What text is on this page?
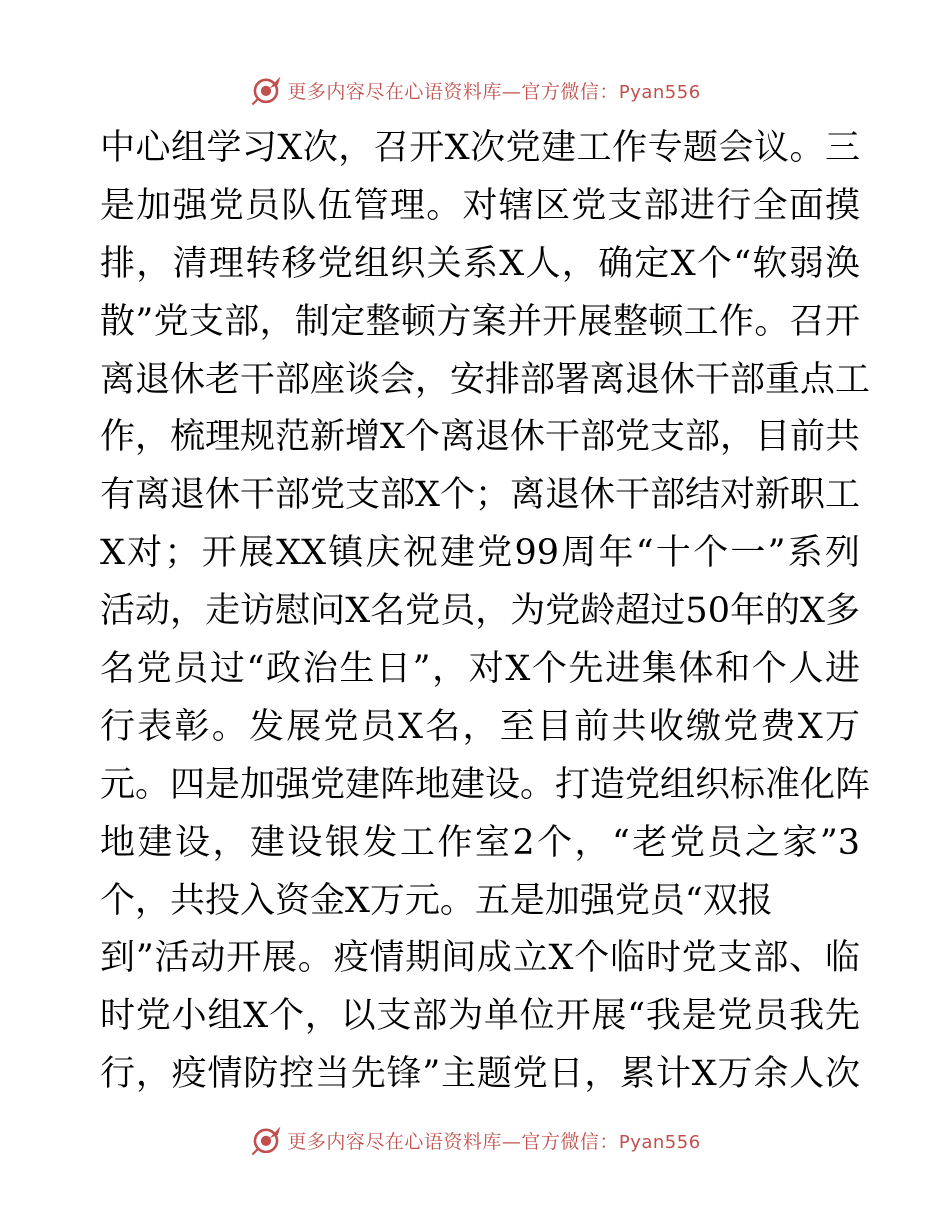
更多内容尽在心语资料库—官方微信：Pyan556
中心组学习X次，召开X次党建工作专题会议。三
是加强党员队伍管理。对辖区党支部进行全面摸
排，清理转移党组织关系X人，确定X个“软弱涣
散”党支部，制定整顿方案并开展整顿工作。召开
离退休老干部座谈会，安排部署离退休干部重点工
作，梳理规范新增X个离退休干部党支部，目前共
有离退休干部党支部X个；离退休干部结对新职工
X对；开展XX镇庆祝建党99周年“十个一”系列
活动，走访慰问X名党员，为党龄超过50年的X多
名党员过“政治生日”，对X个先进集体和个人进
行表彰。发展党员X名，至目前共收缴党费X万
元。四是加强党建阵地建设。打造党组织标准化阵
地建设，建设银发工作室2个，“老党员之家”3
个，共投入资金X万元。五是加强党员“双报
到”活动开展。疫情期间成立X个临时党支部、临
时党小组X个，以支部为单位开展“我是党员我先
行，疫情防控当先锋”主题党日，累计X万余人次
更多内容尽在心语资料库—官方微信：Pyan556
